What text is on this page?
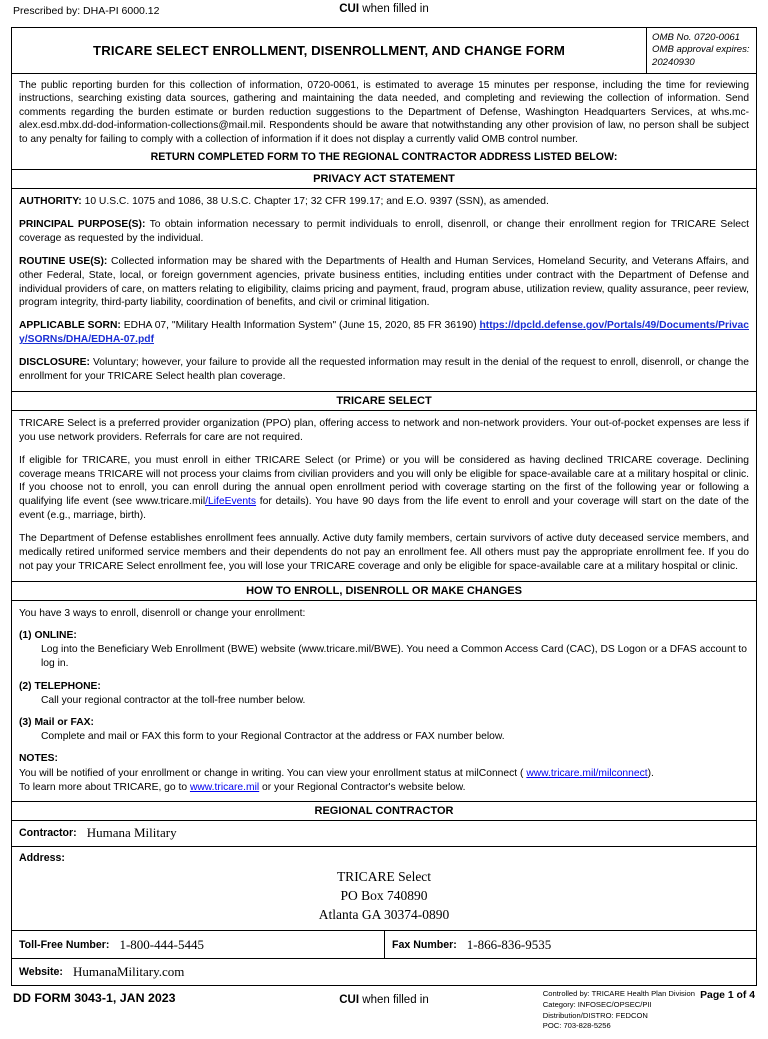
Prescribed by: DHA-PI 6000.12	CUI when filled in
TRICARE SELECT ENROLLMENT, DISENROLLMENT, AND CHANGE FORM
OMB No. 0720-0061
OMB approval expires:
20240930
The public reporting burden for this collection of information, 0720-0061, is estimated to average 15 minutes per response, including the time for reviewing instructions, searching existing data sources, gathering and maintaining the data needed, and completing and reviewing the collection of information. Send comments regarding the burden estimate or burden reduction suggestions to the Department of Defense, Washington Headquarters Services, at whs.mc-alex.esd.mbx.dd-dod-information-collections@mail.mil. Respondents should be aware that notwithstanding any other provision of law, no person shall be subject to any penalty for failing to comply with a collection of information if it does not display a currently valid OMB control number.
RETURN COMPLETED FORM TO THE REGIONAL CONTRACTOR ADDRESS LISTED BELOW:
PRIVACY ACT STATEMENT

AUTHORITY: 10 U.S.C. 1075 and 1086, 38 U.S.C. Chapter 17; 32 CFR 199.17; and E.O. 9397 (SSN), as amended.

PRINCIPAL PURPOSE(S): To obtain information necessary to permit individuals to enroll, disenroll, or change their enrollment region for TRICARE Select coverage as requested by the individual.

ROUTINE USE(S): Collected information may be shared with the Departments of Health and Human Services, Homeland Security, and Veterans Affairs, and other Federal, State, local, or foreign government agencies, private business entities, including entities under contract with the Department of Defense and individual providers of care, on matters relating to eligibility, claims pricing and payment, fraud, program abuse, utilization review, quality assurance, peer review, program integrity, third-party liability, coordination of benefits, and civil or criminal litigation.

APPLICABLE SORN: EDHA 07, "Military Health Information System" (June 15, 2020, 85 FR 36190) https://dpcld.defense.gov/Portals/49/Documents/Privacy/SORNs/DHA/EDHA-07.pdf

DISCLOSURE: Voluntary; however, your failure to provide all the requested information may result in the denial of the request to enroll, disenroll, or change the enrollment for your TRICARE Select health plan coverage.

TRICARE SELECT

TRICARE Select is a preferred provider organization (PPO) plan, offering access to network and non-network providers. Your out-of-pocket expenses are less if you use network providers. Referrals for care are not required.

If eligible for TRICARE, you must enroll in either TRICARE Select (or Prime) or you will be considered as having declined TRICARE coverage. Declining coverage means TRICARE will not process your claims from civilian providers and you will only be eligible for space-available care at a military hospital or clinic. If you choose not to enroll, you can enroll during the annual open enrollment period with coverage starting on the first of the following year or following a qualifying life event (see www.tricare.mil/LifeEvents for details). You have 90 days from the life event to enroll and your coverage will start on the date of the event (e.g., marriage, birth).

The Department of Defense establishes enrollment fees annually. Active duty family members, certain survivors of active duty deceased service members, and medically retired uniformed service members and their dependents do not pay an enrollment fee. All others must pay the appropriate enrollment fee. If you do not pay your TRICARE Select enrollment fee, you will lose your TRICARE coverage and only be eligible for space-available care at a military hospital or clinic.

HOW TO ENROLL, DISENROLL OR MAKE CHANGES

You have 3 ways to enroll, disenroll or change your enrollment:

(1) ONLINE:

Log into the Beneficiary Web Enrollment (BWE) website (www.tricare.mil/BWE). You need a Common Access Card (CAC), DS Logon or a DFAS account to log in.

(2) TELEPHONE:

Call your regional contractor at the toll-free number below.

(3) Mail or FAX:

Complete and mail or FAX this form to your Regional Contractor at the address or FAX number below.

NOTES:

You will be notified of your enrollment or change in writing. You can view your enrollment status at milConnect ( www.tricare.mil/milconnect).

To learn more about TRICARE, go to www.tricare.mil or your Regional Contractor's website below.

REGIONAL CONTRACTOR
Contractor: Humana Military
Address:
TRICARE Select
PO Box 740890
Atlanta GA 30374-0890
Toll-Free Number: 1-800-444-5445	Fax Number: 1-866-836-9535
Website: HumanaMilitary.com
DD FORM 3043-1, JAN 2023	CUI when filled in
Controlled by: TRICARE Health Plan Division
Category: INFOSEC/OPSEC/PII
Distribution/DISTRO: FEDCON
POC: 703-828-5256
Page 1 of 4
